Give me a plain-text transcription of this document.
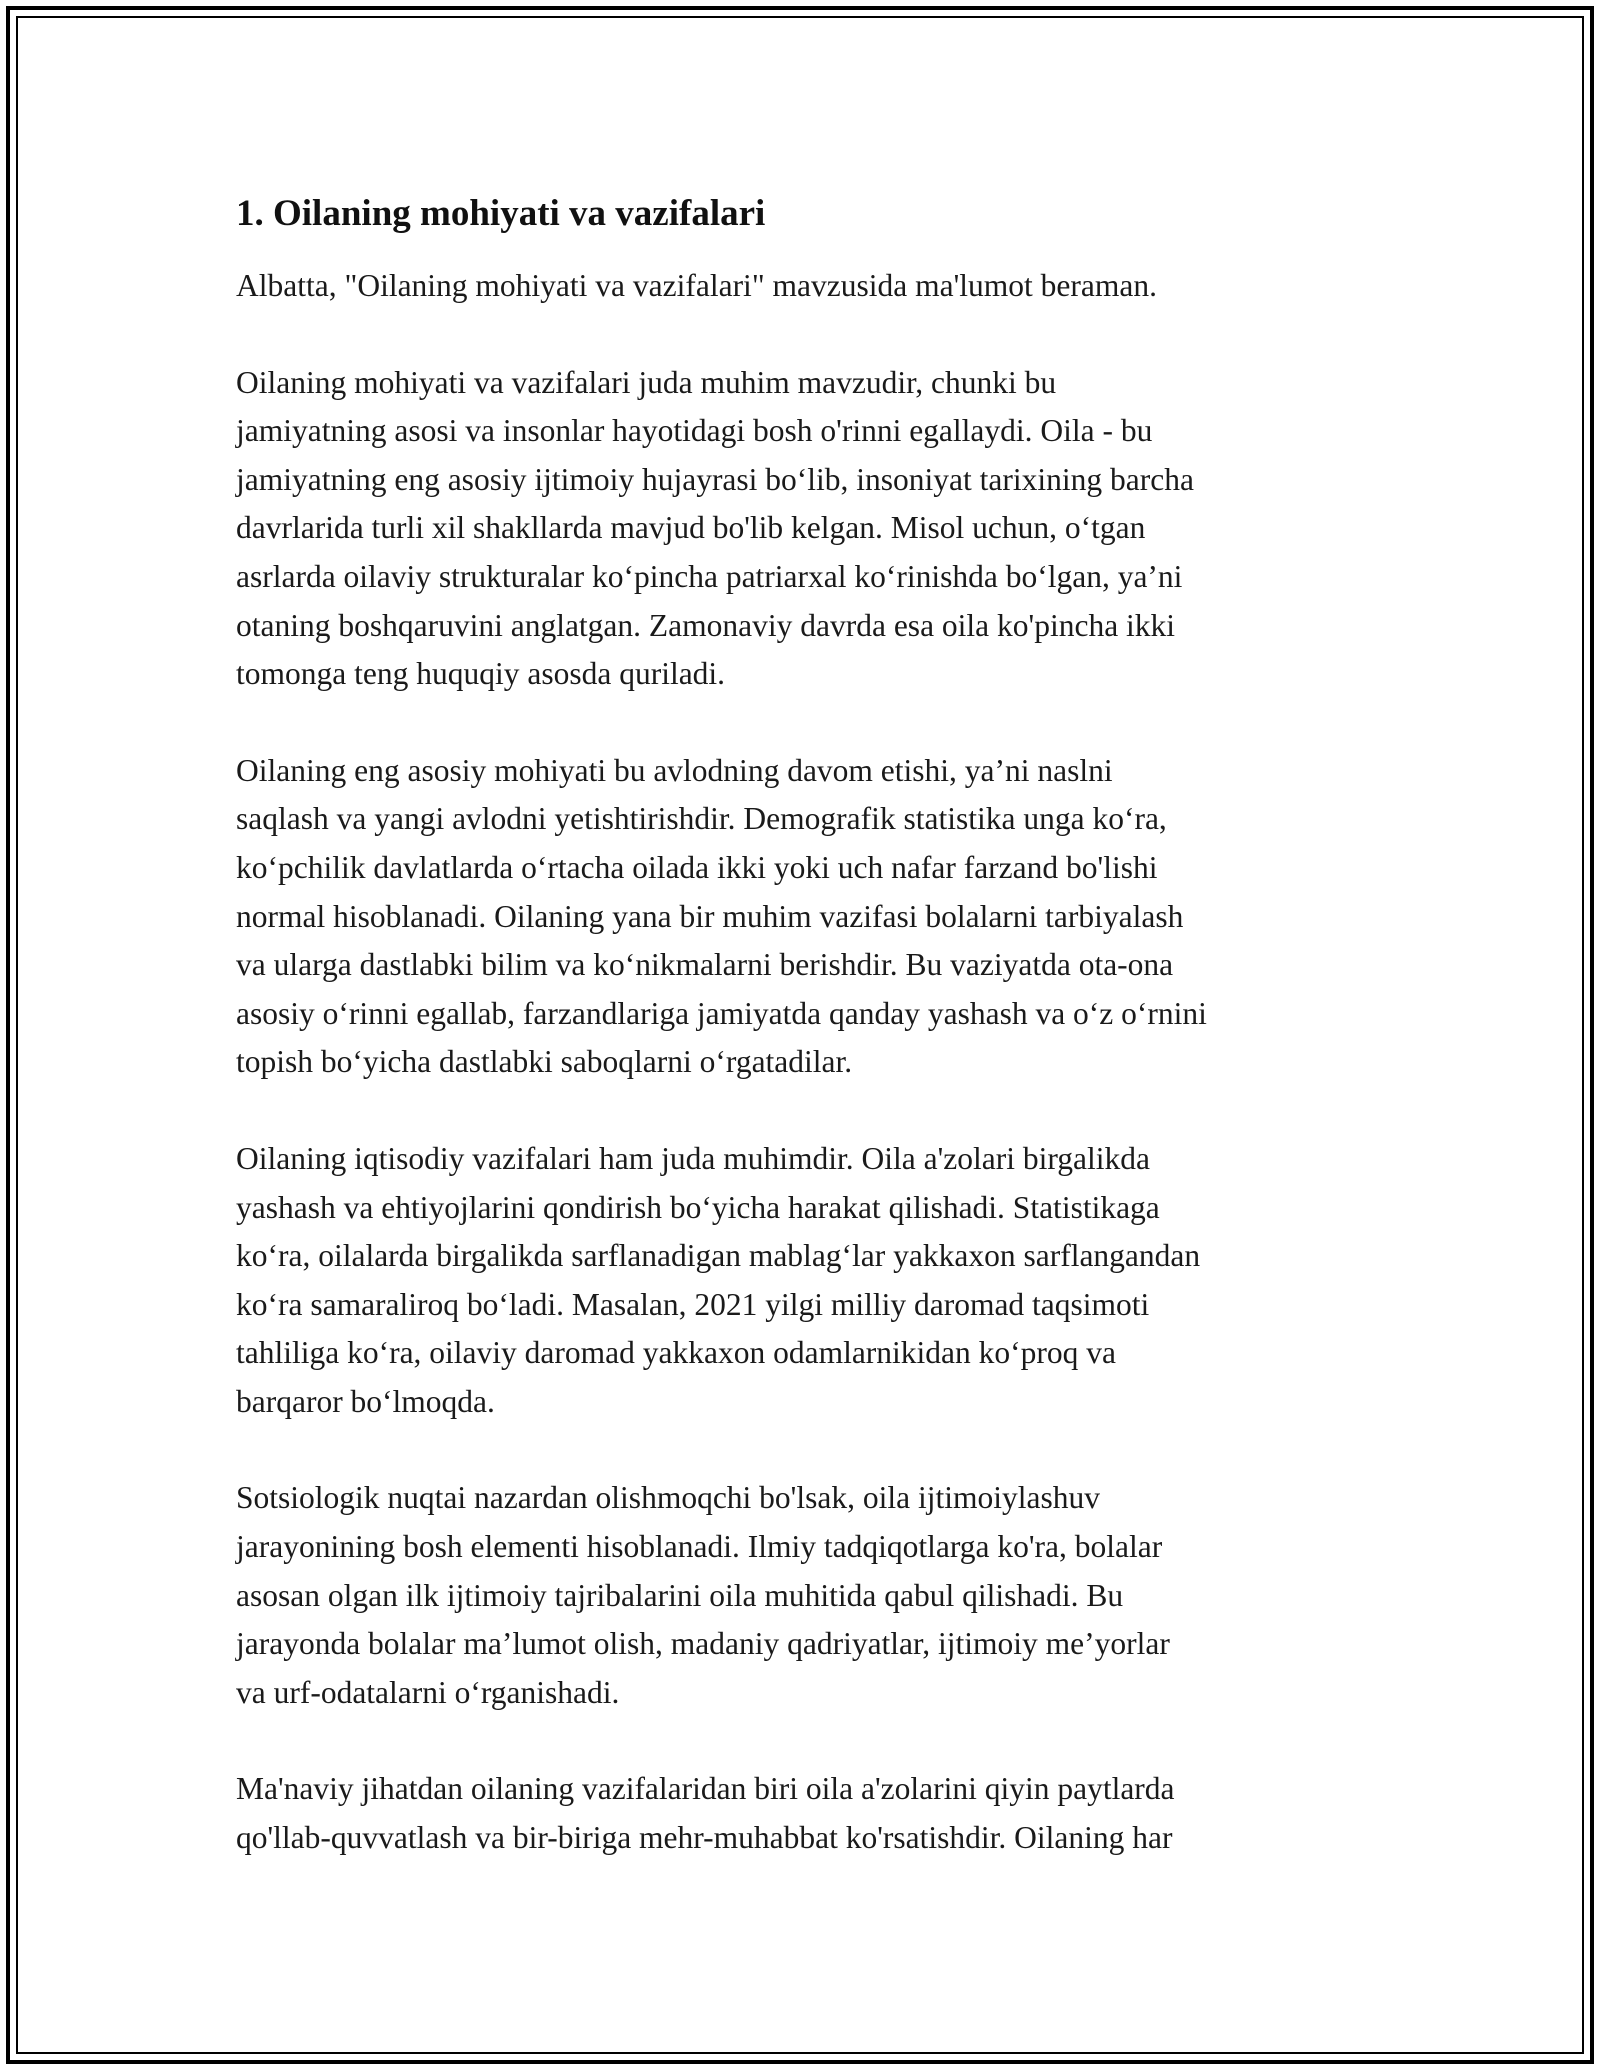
1. Oilaning mohiyati va vazifalari
Albatta, "Oilaning mohiyati va vazifalari" mavzusida ma'lumot beraman.
Oilaning mohiyati va vazifalari juda muhim mavzudir, chunki bu
jamiyatning asosi va insonlar hayotidagi bosh o'rinni egallaydi. Oila - bu
jamiyatning eng asosiy ijtimoiy hujayrasi bo‘lib, insoniyat tarixining barcha
davrlarida turli xil shakllarda mavjud bo'lib kelgan. Misol uchun, o‘tgan
asrlarda oilaviy strukturalar ko‘pincha patriarxal ko‘rinishda bo‘lgan, ya’ni
otaning boshqaruvini anglatgan. Zamonaviy davrda esa oila ko'pincha ikki
tomonga teng huquqiy asosda quriladi.
Oilaning eng asosiy mohiyati bu avlodning davom etishi, ya’ni naslni
saqlash va yangi avlodni yetishtirishdir. Demografik statistika unga ko‘ra,
ko‘pchilik davlatlarda o‘rtacha oilada ikki yoki uch nafar farzand bo'lishi
normal hisoblanadi. Oilaning yana bir muhim vazifasi bolalarni tarbiyalash
va ularga dastlabki bilim va ko‘nikmalarni berishdir. Bu vaziyatda ota-ona
asosiy o‘rinni egallab, farzandlariga jamiyatda qanday yashash va o‘z o‘rnini
topish bo‘yicha dastlabki saboqlarni o‘rgatadilar.
Oilaning iqtisodiy vazifalari ham juda muhimdir. Oila a'zolari birgalikda
yashash va ehtiyojlarini qondirish bo‘yicha harakat qilishadi. Statistikaga
ko‘ra, oilalarda birgalikda sarflanadigan mablag‘lar yakkaxon sarflangandan
ko‘ra samaraliroq bo‘ladi. Masalan, 2021 yilgi milliy daromad taqsimoti
tahliliga ko‘ra, oilaviy daromad yakkaxon odamlarnikidan ko‘proq va
barqaror bo‘lmoqda.
Sotsiologik nuqtai nazardan olishmoqchi bo'lsak, oila ijtimoiylashuv
jarayonining bosh elementi hisoblanadi. Ilmiy tadqiqotlarga ko'ra, bolalar
asosan olgan ilk ijtimoiy tajribalarini oila muhitida qabul qilishadi. Bu
jarayonda bolalar ma’lumot olish, madaniy qadriyatlar, ijtimoiy me’yorlar
va urf-odatalarni o‘rganishadi.
Ma'naviy jihatdan oilaning vazifalaridan biri oila a'zolarini qiyin paytlarda
qo'llab-quvvatlash va bir-biriga mehr-muhabbat ko'rsatishdir. Oilaning har
